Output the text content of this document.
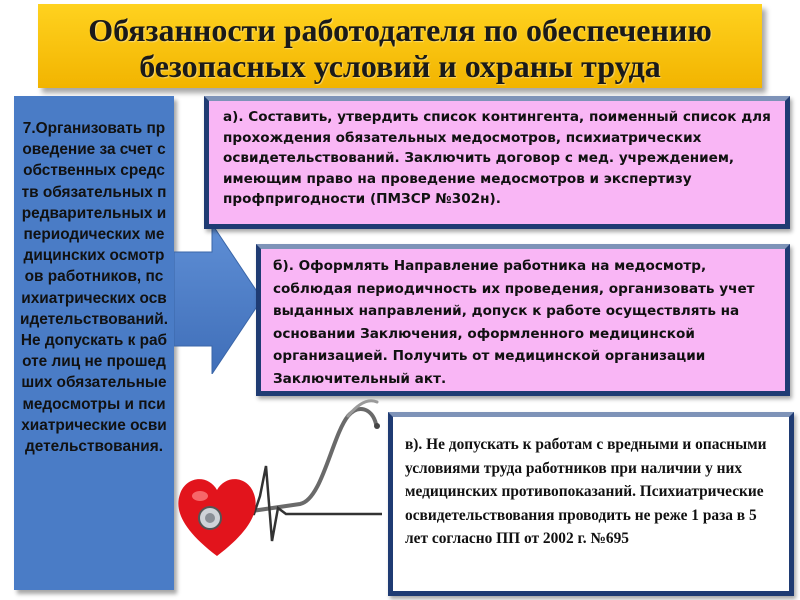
Обязанности работодателя по обеспечению
безопасных условий и охраны труда
7.Организовать проведение за счет собственных средств обязательных предварительных и периодических медицинских осмотров работников, психиатрических освидетельствований. Не допускать к работе лиц не прошедших обязательные медосмотры и психиатрические освидетельствования.
а). Составить, утвердить список контингента, поименный список для прохождения обязательных медосмотров, психиатрических освидетельствований. Заключить договор с мед. учреждением, имеющим право на проведение медосмотров и экспертизу профпригодности (ПМЗСР №302н).
б). Оформлять Направление работника на медосмотр, соблюдая периодичность их проведения, организовать учет выданных направлений, допуск к работе осуществлять на основании Заключения, оформленного медицинской организацией. Получить от медицинской организации Заключительный акт.
в). Не допускать к работам с вредными и опасными условиями труда работников при наличии у них медицинских противопоказаний. Психиатрические освидетельствования проводить не реже 1 раза в 5 лет согласно ПП от 2002 г. №695
